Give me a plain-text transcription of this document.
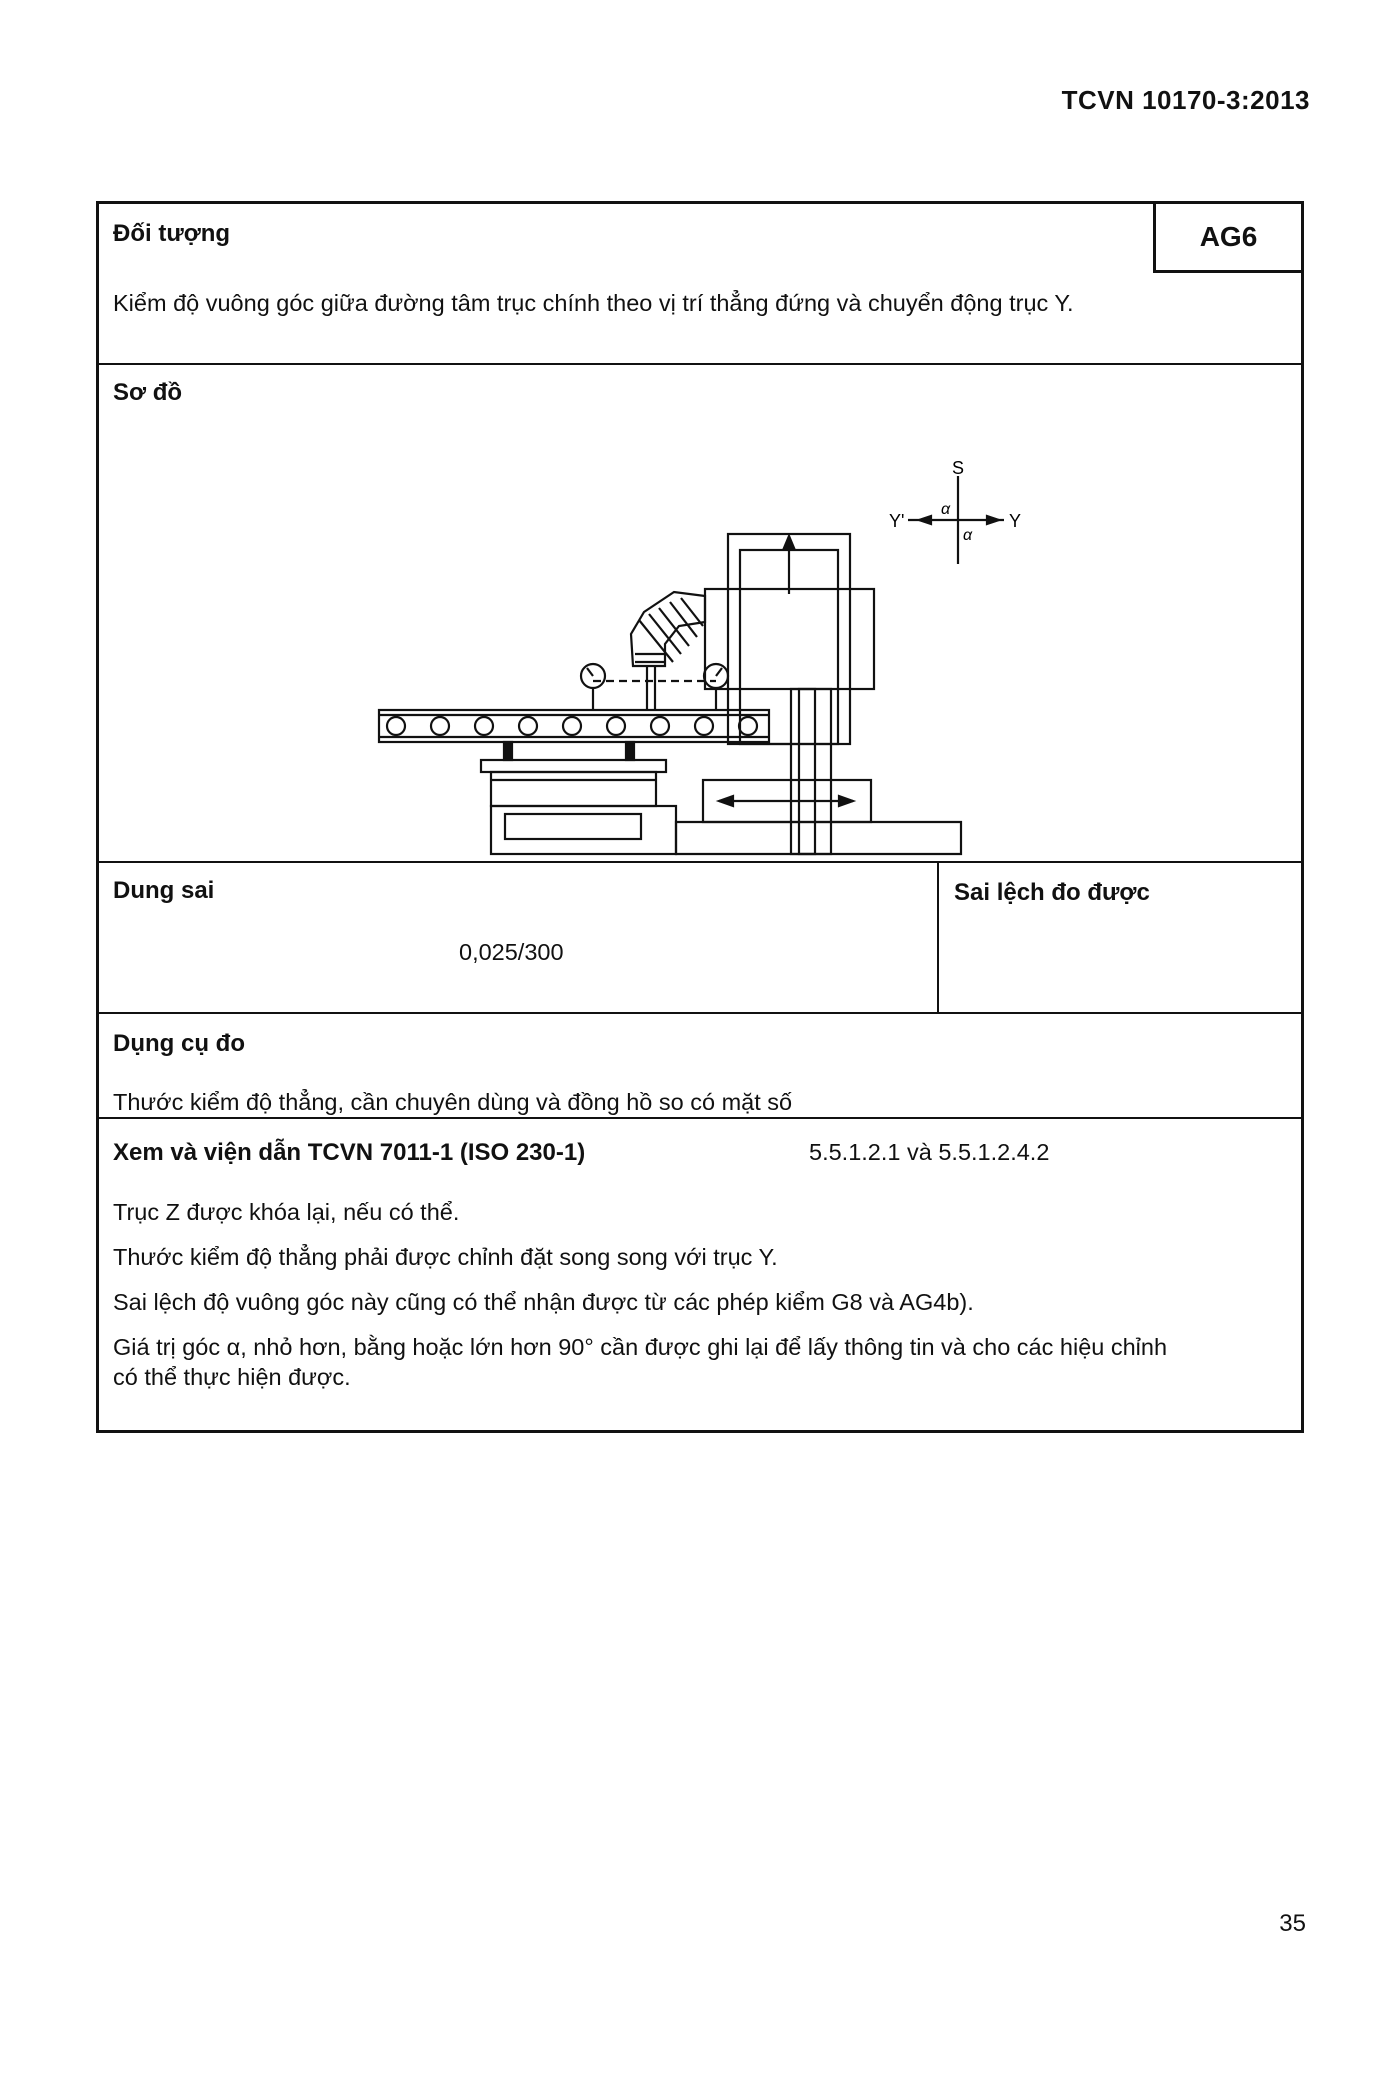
TCVN 10170-3:2013
Đối tượng	AG6
Kiểm độ vuông góc giữa đường tâm trục chính theo vị trí thẳng đứng và chuyển động trục Y.
Sơ đồ
S
Y'	Y
α
α
Dung sai
0,025/300
Sai lệch đo được
Dụng cụ đo
Thước kiểm độ thẳng, cần chuyên dùng và đồng hồ so có mặt số
Xem và viện dẫn TCVN 7011-1 (ISO 230-1)	5.5.1.2.1 và 5.5.1.2.4.2
Trục Z được khóa lại, nếu có thể.
Thước kiểm độ thẳng phải được chỉnh đặt song song với trục Y.
Sai lệch độ vuông góc này cũng có thể nhận được từ các phép kiểm G8 và AG4b).
Giá trị góc α, nhỏ hơn, bằng hoặc lớn hơn 90° cần được ghi lại để lấy thông tin và cho các hiệu chỉnh
có thể thực hiện được.
35
